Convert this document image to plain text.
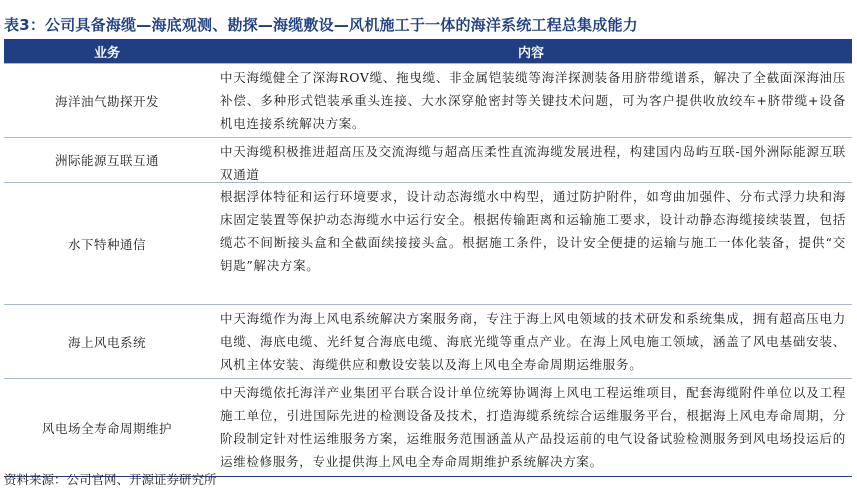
表3：公司具备海缆—海底观测、勘探—海缆敷设—风机施工于一体的海洋系统工程总集成能力
业务	内容
海洋油气勘探开发
中天海缆健全了深海ROV缆、拖曳缆、非金属铠装缆等海洋探测装备用脐带缆谱系，解决了全截面深海油压补偿、多种形式铠装承重头连接、大水深穿舱密封等关键技术问题，可为客户提供收放绞车+脐带缆+设备机电连接系统解决方案。
洲际能源互联互通
中天海缆积极推进超高压及交流海缆与超高压柔性直流海缆发展进程，构建国内岛屿互联-国外洲际能源互联双通道
水下特种通信
根据浮体特征和运行环境要求，设计动态海缆水中构型，通过防护附件，如弯曲加强件、分布式浮力块和海床固定装置等保护动态海缆水中运行安全。根据传输距离和运输施工要求，设计动静态海缆接续装置，包括缆芯不间断接头盒和全截面续接接头盒。根据施工条件，设计安全便捷的运输与施工一体化装备，提供“交钥匙”解决方案。
海上风电系统
中天海缆作为海上风电系统解决方案服务商，专注于海上风电领域的技术研发和系统集成，拥有超高压电力电缆、海底电缆、光纤复合海底电缆、海底光缆等重点产业。在海上风电施工领域，涵盖了风电基础安装、风机主体安装、海缆供应和敷设安装以及海上风电全寿命周期运维服务。
风电场全寿命周期维护
中天海缆依托海洋产业集团平台联合设计单位统筹协调海上风电工程运维项目，配套海缆附件单位以及工程施工单位，引进国际先进的检测设备及技术，打造海缆系统综合运维服务平台，根据海上风电寿命周期，分阶段制定针对性运维服务方案，运维服务范围涵盖从产品投运前的电气设备试验检测服务到风电场投运后的运维检修服务，专业提供海上风电全寿命周期维护系统解决方案。
资料来源：公司官网、开源证券研究所
